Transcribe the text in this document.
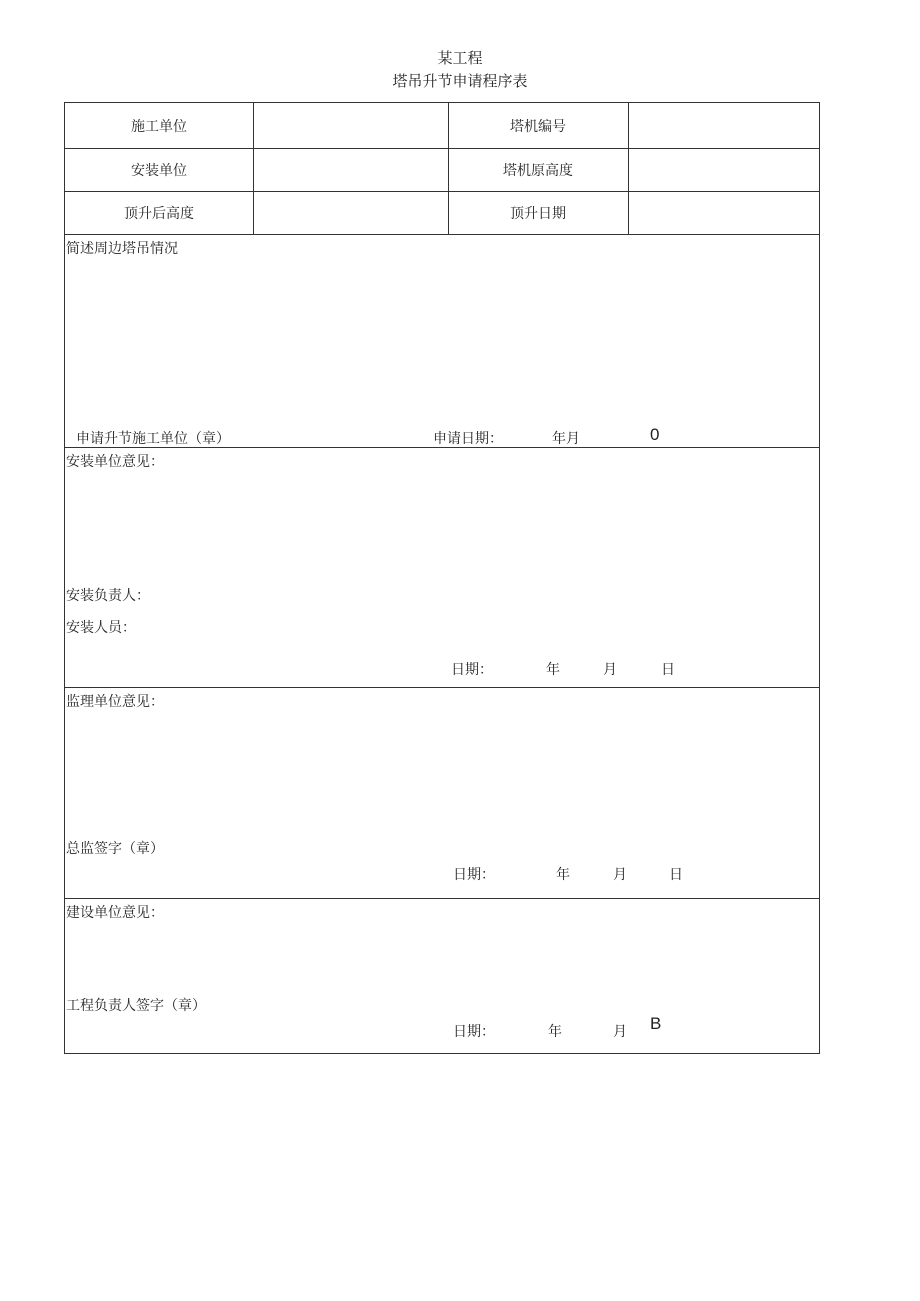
某工程
塔吊升节申请程序表
施工单位	塔机编号
安装单位	塔机原高度
顶升后高度	顶升日期
简述周边塔吊情况
申请升节施工单位（章）	申请日期：	年月	0
安装单位意见：
安装负责人：
安装人员：
日期：	年	月	日
监理单位意见：
总监签字（章）
日期：	年	月	日
建设单位意见：
工程负责人签字（章）
日期：	年	月 B
